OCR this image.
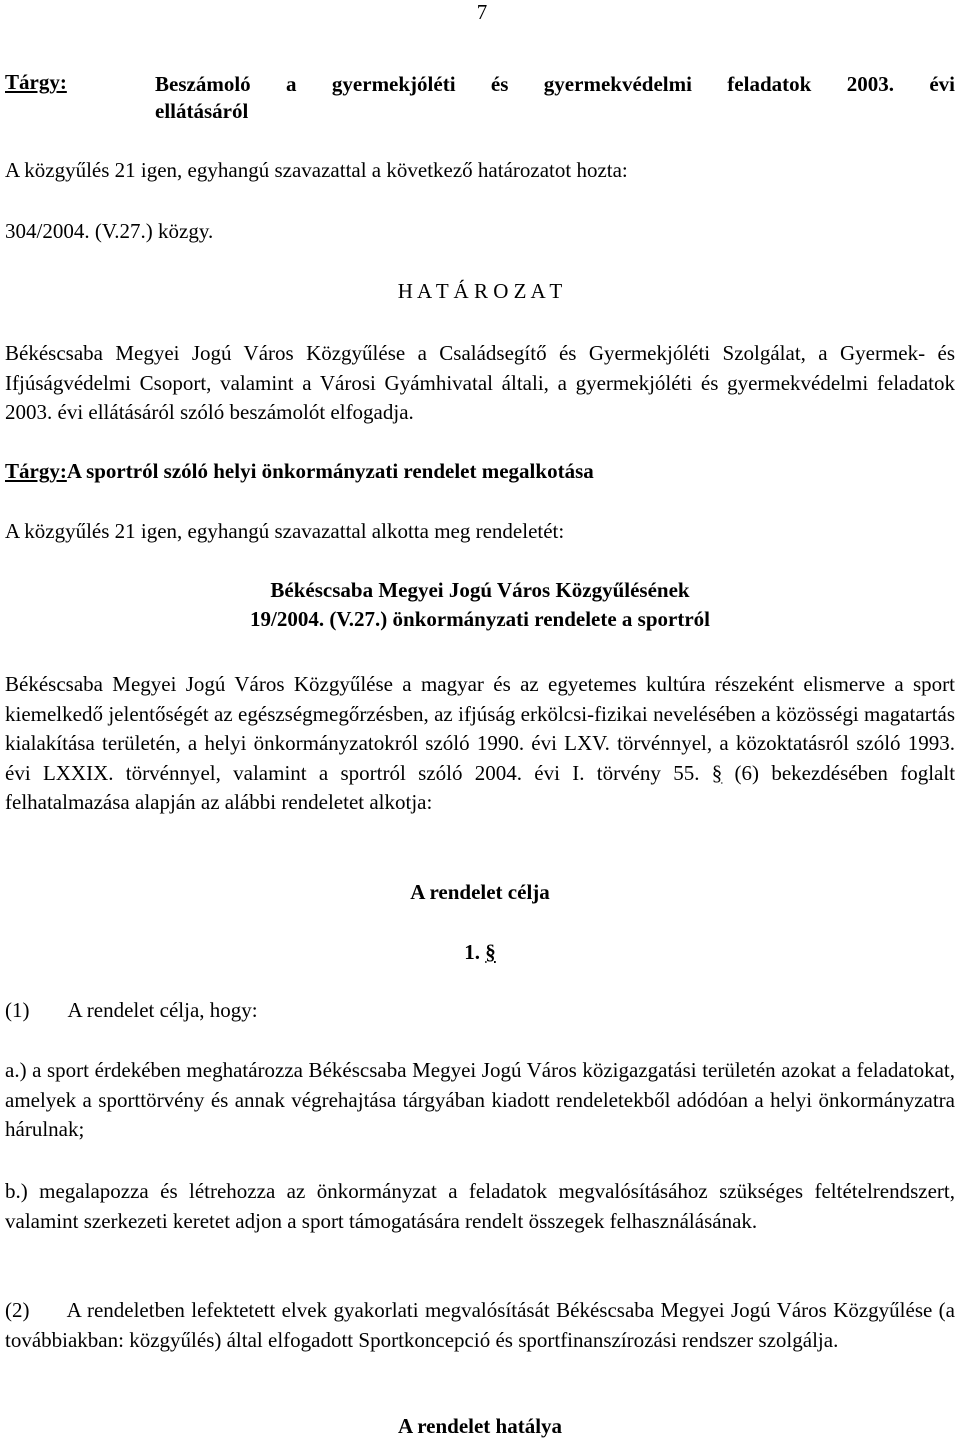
7
Tárgy:	Beszámoló a gyermekjóléti és gyermekvédelmi feladatok 2003. évi
ellátásáról

A közgyűlés 21 igen, egyhangú szavazattal a következő határozatot hozta:

304/2004. (V.27.) közgy.

H A T Á R O Z A T

Békéscsaba Megyei Jogú Város Közgyűlése a Családsegítő és Gyermekjóléti Szolgálat, a Gyermek- és Ifjúságvédelmi Csoport, valamint a Városi Gyámhivatal általi, a gyermekjóléti és gyermekvédelmi feladatok 2003. évi ellátásáról szóló beszámolót elfogadja.

Tárgy:A sportról szóló helyi önkormányzati rendelet megalkotása

A közgyűlés 21 igen, egyhangú szavazattal alkotta meg rendeletét:

Békéscsaba Megyei Jogú Város Közgyűlésének

19/2004. (V.27.) önkormányzati rendelete a sportról

Békéscsaba Megyei Jogú Város Közgyűlése a magyar és az egyetemes kultúra részeként elismerve a sport kiemelkedő jelentőségét az egészségmegőrzésben, az ifjúság erkölcsi-fizikai nevelésében a közösségi magatartás kialakítása területén, a helyi önkormányzatokról szóló 1990. évi LXV. törvénnyel, a közoktatásról szóló 1993. évi LXXIX. törvénnyel, valamint a sportról szóló 2004. évi I. törvény 55. § (6) bekezdésében foglalt felhatalmazása alapján az alábbi rendeletet alkotja:

A rendelet célja

1. §

(1) A rendelet célja, hogy:

a.) a sport érdekében meghatározza Békéscsaba Megyei Jogú Város közigazgatási területén azokat a feladatokat, amelyek a sporttörvény és annak végrehajtása tárgyában kiadott rendeletekből adódóan a helyi önkormányzatra hárulnak;

b.) megalapozza és létrehozza az önkormányzat a feladatok megvalósításához szükséges feltételrendszert, valamint szerkezeti keretet adjon a sport támogatására rendelt összegek felhasználásának.

(2)      A rendeletben lefektetett elvek gyakorlati megvalósítását Békéscsaba Megyei Jogú Város Közgyűlése (a továbbiakban: közgyűlés) által elfogadott Sportkoncepció és sportfinanszírozási rendszer szolgálja.

A rendelet hatálya
